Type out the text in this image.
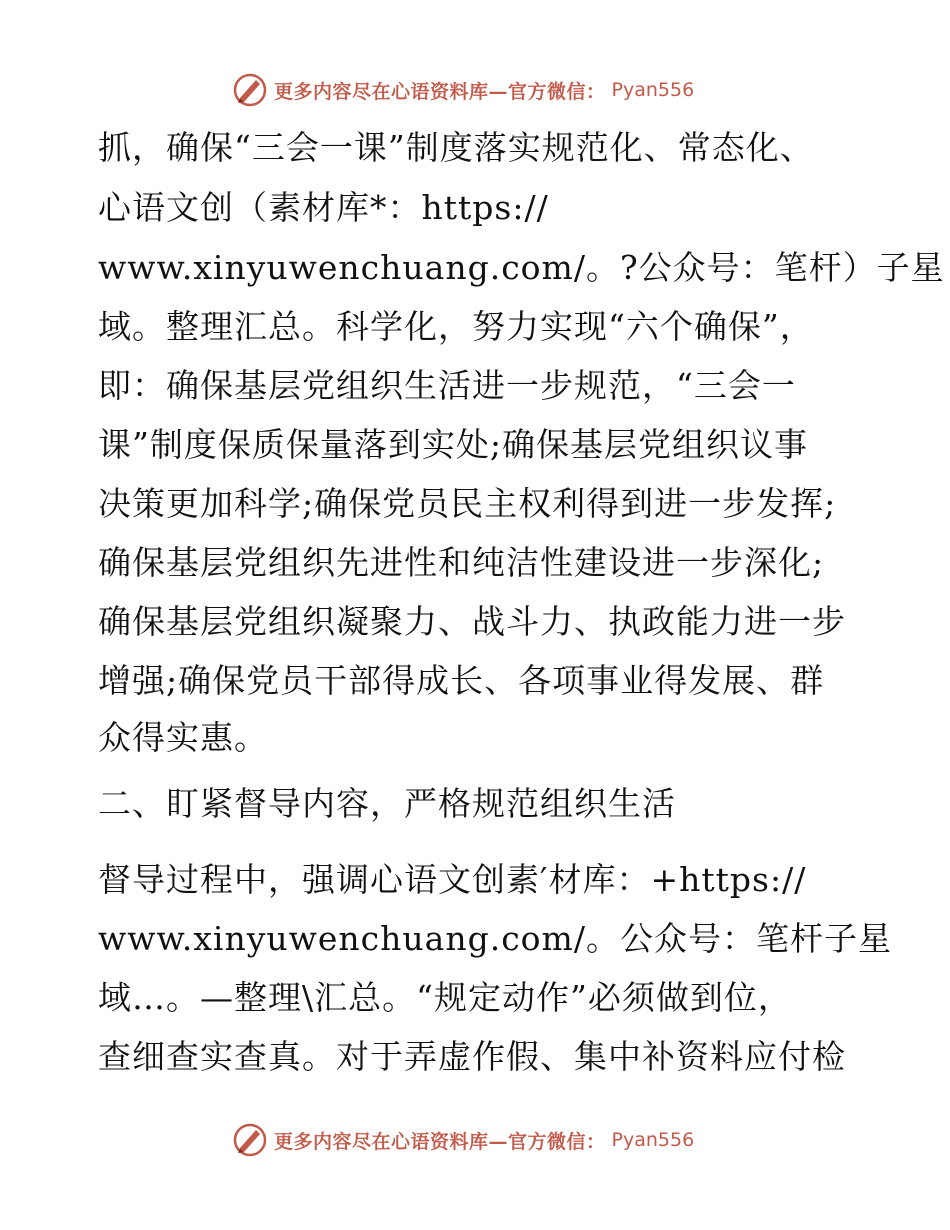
更多内容尽在心语资料库—官方微信： Pyan556
抓，确保“三会一课”制度落实规范化、常态化、
心语文创（素材库*：https://
www.xinyuwenchuang.com/。?公众号：笔杆）子星
域。整理汇总。科学化，努力实现“六个确保”，
即：确保基层党组织生活进一步规范，“三会一
课”制度保质保量落到实处;确保基层党组织议事
决策更加科学;确保党员民主权利得到进一步发挥;
确保基层党组织先进性和纯洁性建设进一步深化;
确保基层党组织凝聚力、战斗力、执政能力进一步
增强;确保党员干部得成长、各项事业得发展、群
众得实惠。
二、盯紧督导内容，严格规范组织生活
督导过程中，强调心语文创素′材库：+https://
www.xinyuwenchuang.com/。公众号：笔杆子星
域…。—整理\汇总。“规定动作”必须做到位，
查细查实查真。对于弄虚作假、集中补资料应付检
更多内容尽在心语资料库—官方微信： Pyan556
